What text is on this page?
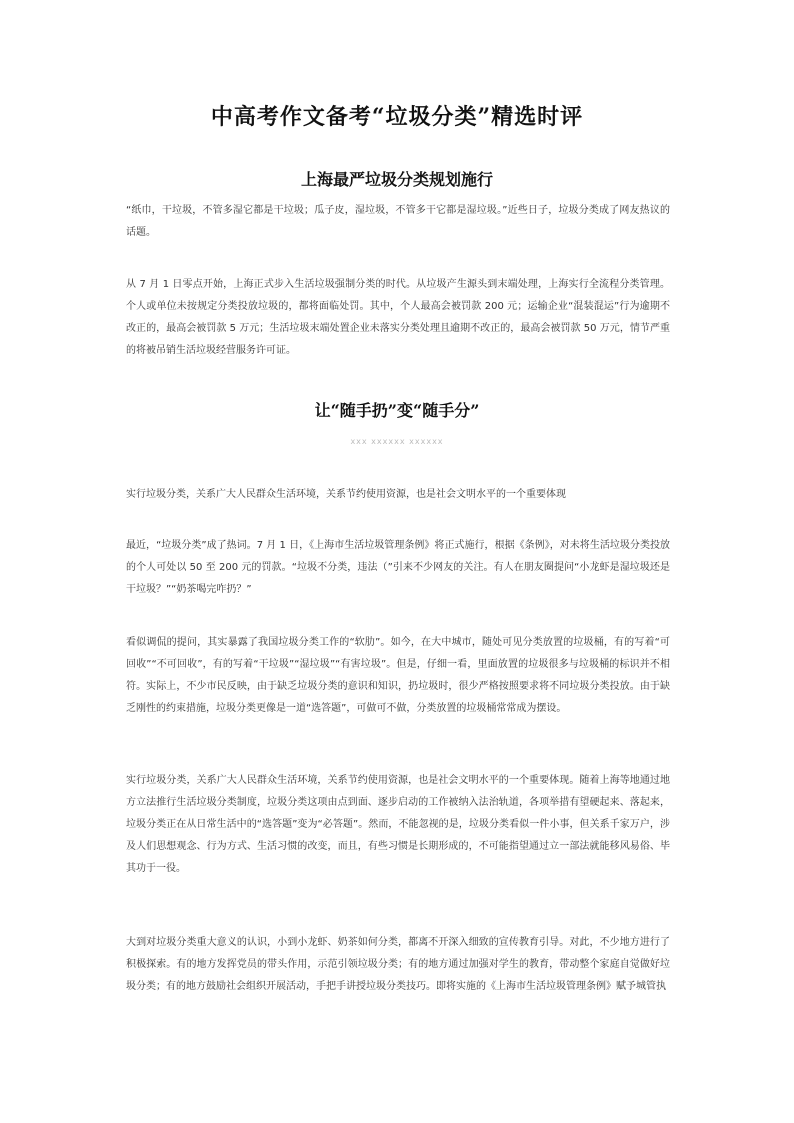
中高考作文备考“垃圾分类”精选时评
上海最严垃圾分类规划施行

“纸巾，干垃圾，不管多湿它都是干垃圾；瓜子皮，湿垃圾，不管多干它都是湿垃圾。”近些日子，垃圾分类成了网友热议的话题。

从 7 月 1 日零点开始，上海正式步入生活垃圾强制分类的时代。从垃圾产生源头到末端处理，上海实行全流程分类管理。个人或单位未按规定分类投放垃圾的，都将面临处罚。其中，个人最高会被罚款 200 元；运输企业“混装混运”行为逾期不改正的，最高会被罚款 5 万元；生活垃圾末端处置企业未落实分类处理且逾期不改正的，最高会被罚款 50 万元，情节严重的将被吊销生活垃圾经营服务许可证。

让“随手扔”变“随手分”
xxx xxxxxx xxxxxx

实行垃圾分类，关系广大人民群众生活环境，关系节约使用资源，也是社会文明水平的一个重要体现

最近，“垃圾分类”成了热词。7 月 1 日，《上海市生活垃圾管理条例》将正式施行，根据《条例》，对未将生活垃圾分类投放的个人可处以 50 至 200 元的罚款。“垃圾不分类，违法（”引来不少网友的关注。有人在朋友圈提问“小龙虾是湿垃圾还是干垃圾？”“奶茶喝完咋扔？”

看似调侃的提问，其实暴露了我国垃圾分类工作的“软肋”。如今，在大中城市，随处可见分类放置的垃圾桶，有的写着“可回收”“不可回收”，有的写着“干垃圾”“湿垃圾”“有害垃圾”。但是，仔细一看，里面放置的垃圾很多与垃圾桶的标识并不相符。实际上，不少市民反映，由于缺乏垃圾分类的意识和知识，扔垃圾时，很少严格按照要求将不同垃圾分类投放。由于缺乏刚性的约束措施，垃圾分类更像是一道“选答题”，可做可不做，分类放置的垃圾桶常常成为摆设。

实行垃圾分类，关系广大人民群众生活环境，关系节约使用资源，也是社会文明水平的一个重要体现。随着上海等地通过地方立法推行生活垃圾分类制度，垃圾分类这项由点到面、逐步启动的工作被纳入法治轨道，各项举措有望硬起来、落起来，垃圾分类正在从日常生活中的“选答题”变为“必答题”。然而，不能忽视的是，垃圾分类看似一件小事，但关系千家万户，涉及人们思想观念、行为方式、生活习惯的改变，而且，有些习惯是长期形成的，不可能指望通过立一部法就能移风易俗、毕其功于一役。

大到对垃圾分类重大意义的认识，小到小龙虾、奶茶如何分类，都离不开深入细致的宣传教育引导。对此，不少地方进行了积极探索。有的地方发挥党员的带头作用，示范引领垃圾分类；有的地方通过加强对学生的教育，带动整个家庭自觉做好垃圾分类；有的地方鼓励社会组织开展活动，手把手讲授垃圾分类技巧。即将实施的《上海市生活垃圾管理条例》赋予城管执
